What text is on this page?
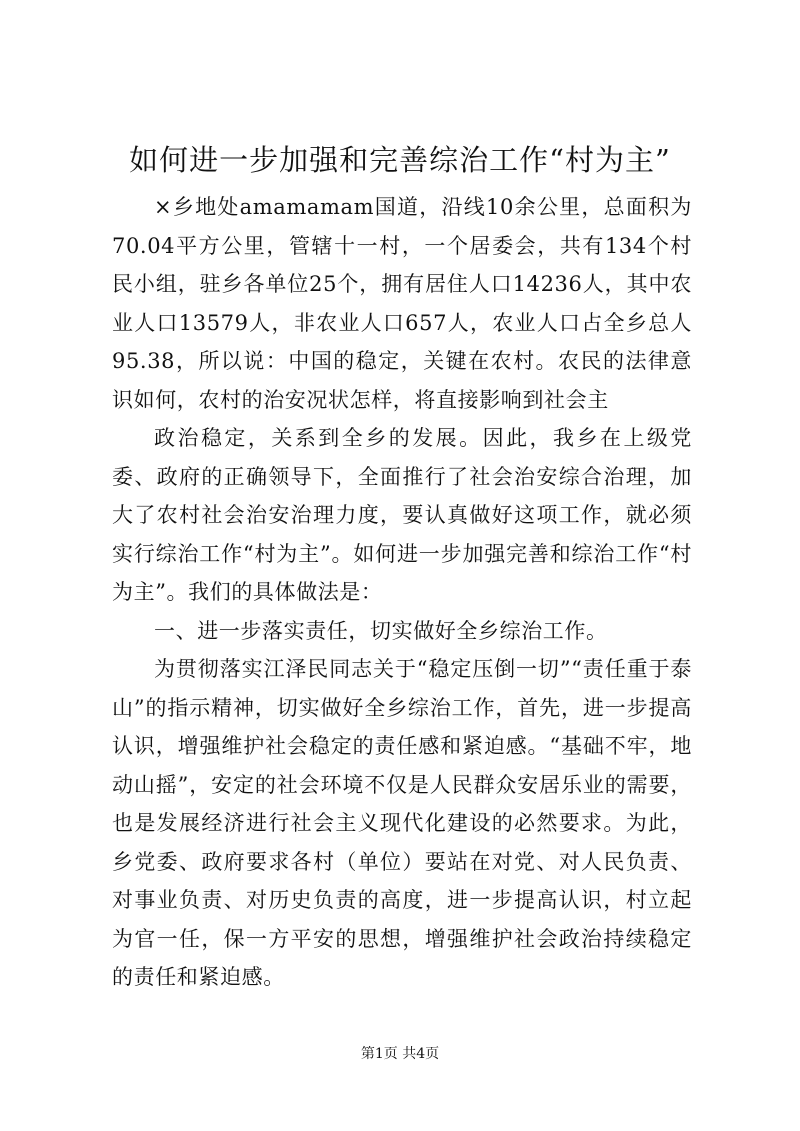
如何进一步加强和完善综治工作“村为主”

×乡地处amamamam国道，沿线10余公里，总面积为70.04平方公里，管辖十一村，一个居委会，共有134个村民小组，驻乡各单位25个，拥有居住人口14236人，其中农业人口13579人，非农业人口657人，农业人口占全乡总人95.38，所以说：中国的稳定，关键在农村。农民的法律意识如何，农村的治安况状怎样，将直接影响到社会主

政治稳定，关系到全乡的发展。因此，我乡在上级党委、政府的正确领导下，全面推行了社会治安综合治理，加大了农村社会治安治理力度，要认真做好这项工作，就必须实行综治工作“村为主”。如何进一步加强完善和综治工作“村为主”。我们的具体做法是：

一、进一步落实责任，切实做好全乡综治工作。

为贯彻落实江泽民同志关于“稳定压倒一切”“责任重于泰山”的指示精神，切实做好全乡综治工作，首先，进一步提高认识，增强维护社会稳定的责任感和紧迫感。“基础不牢，地动山摇”，安定的社会环境不仅是人民群众安居乐业的需要，也是发展经济进行社会主义现代化建设的必然要求。为此，乡党委、政府要求各村（单位）要站在对党、对人民负责、对事业负责、对历史负责的高度，进一步提高认识，村立起为官一任，保一方平安的思想，增强维护社会政治持续稳定的责任和紧迫感。

第1页 共4页
